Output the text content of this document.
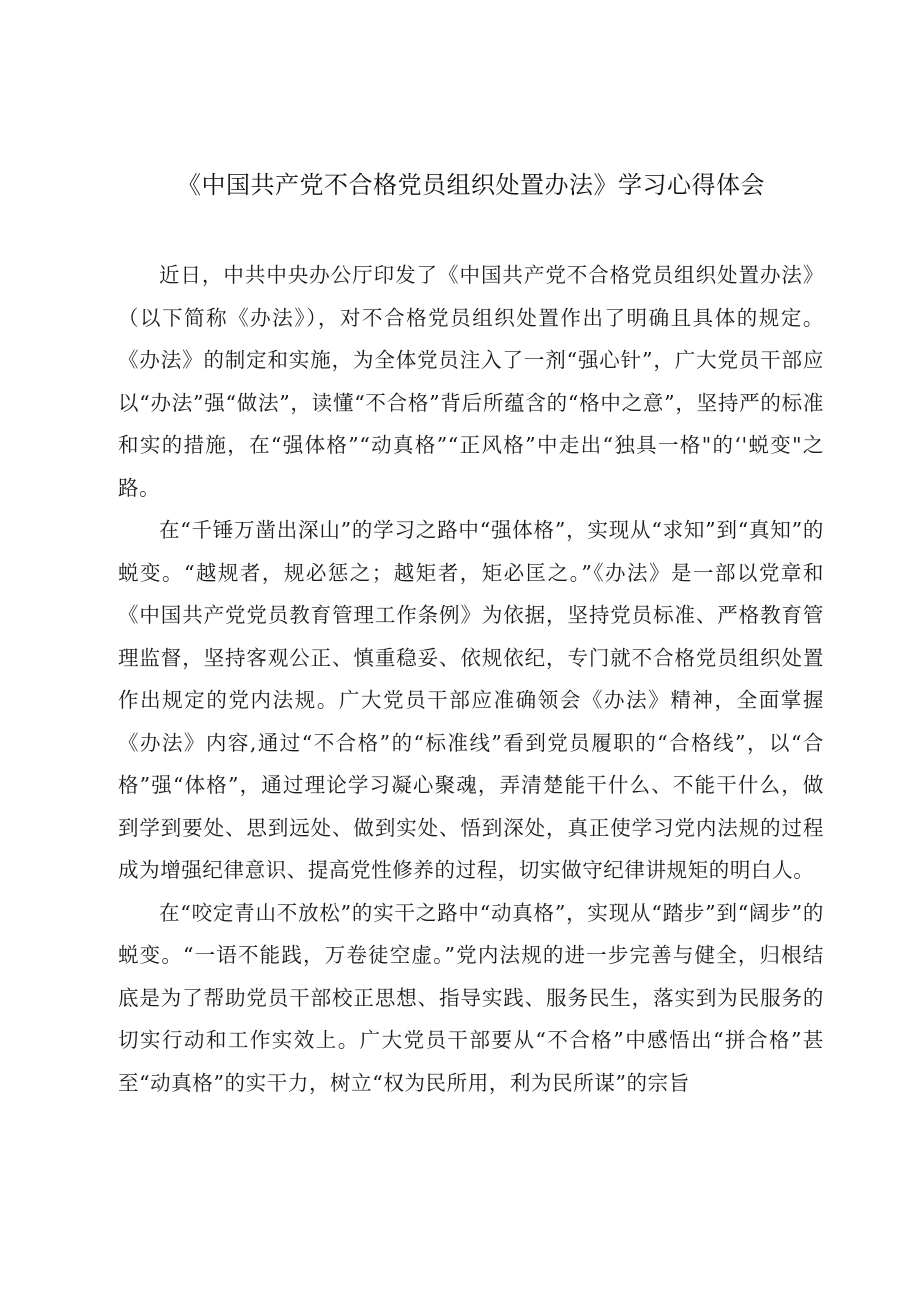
《中国共产党不合格党员组织处置办法》学习心得体会

近日，中共中央办公厅印发了《中国共产党不合格党员组织处置办法》（以下简称《办法》），对不合格党员组织处置作出了明确且具体的规定。《办法》的制定和实施，为全体党员注入了一剂“强心针”，广大党员干部应以“办法”强“做法”，读懂“不合格”背后所蕴含的“格中之意”，坚持严的标准和实的措施，在“强体格”“动真格”“正风格”中走出“独具一格"的‘'蜕变"之路。

在“千锤万凿出深山”的学习之路中“强体格”，实现从“求知”到“真知”的蜕变。“越规者，规必惩之；越矩者，矩必匡之。”《办法》是一部以党章和《中国共产党党员教育管理工作条例》为依据，坚持党员标准、严格教育管理监督，坚持客观公正、慎重稳妥、依规依纪，专门就不合格党员组织处置作出规定的党内法规。广大党员干部应准确领会《办法》精神，全面掌握《办法》内容,通过“不合格”的“标准线”看到党员履职的“合格线”，以“合格”强“体格”，通过理论学习凝心聚魂，弄清楚能干什么、不能干什么，做到学到要处、思到远处、做到实处、悟到深处，真正使学习党内法规的过程成为增强纪律意识、提高党性修养的过程，切实做守纪律讲规矩的明白人。

在“咬定青山不放松”的实干之路中“动真格”，实现从“踏步”到“阔步”的蜕变。“一语不能践，万卷徒空虚。”党内法规的进一步完善与健全，归根结底是为了帮助党员干部校正思想、指导实践、服务民生，落实到为民服务的切实行动和工作实效上。广大党员干部要从“不合格”中感悟出“拼合格”甚至“动真格”的实干力，树立“权为民所用，利为民所谋”的宗旨
